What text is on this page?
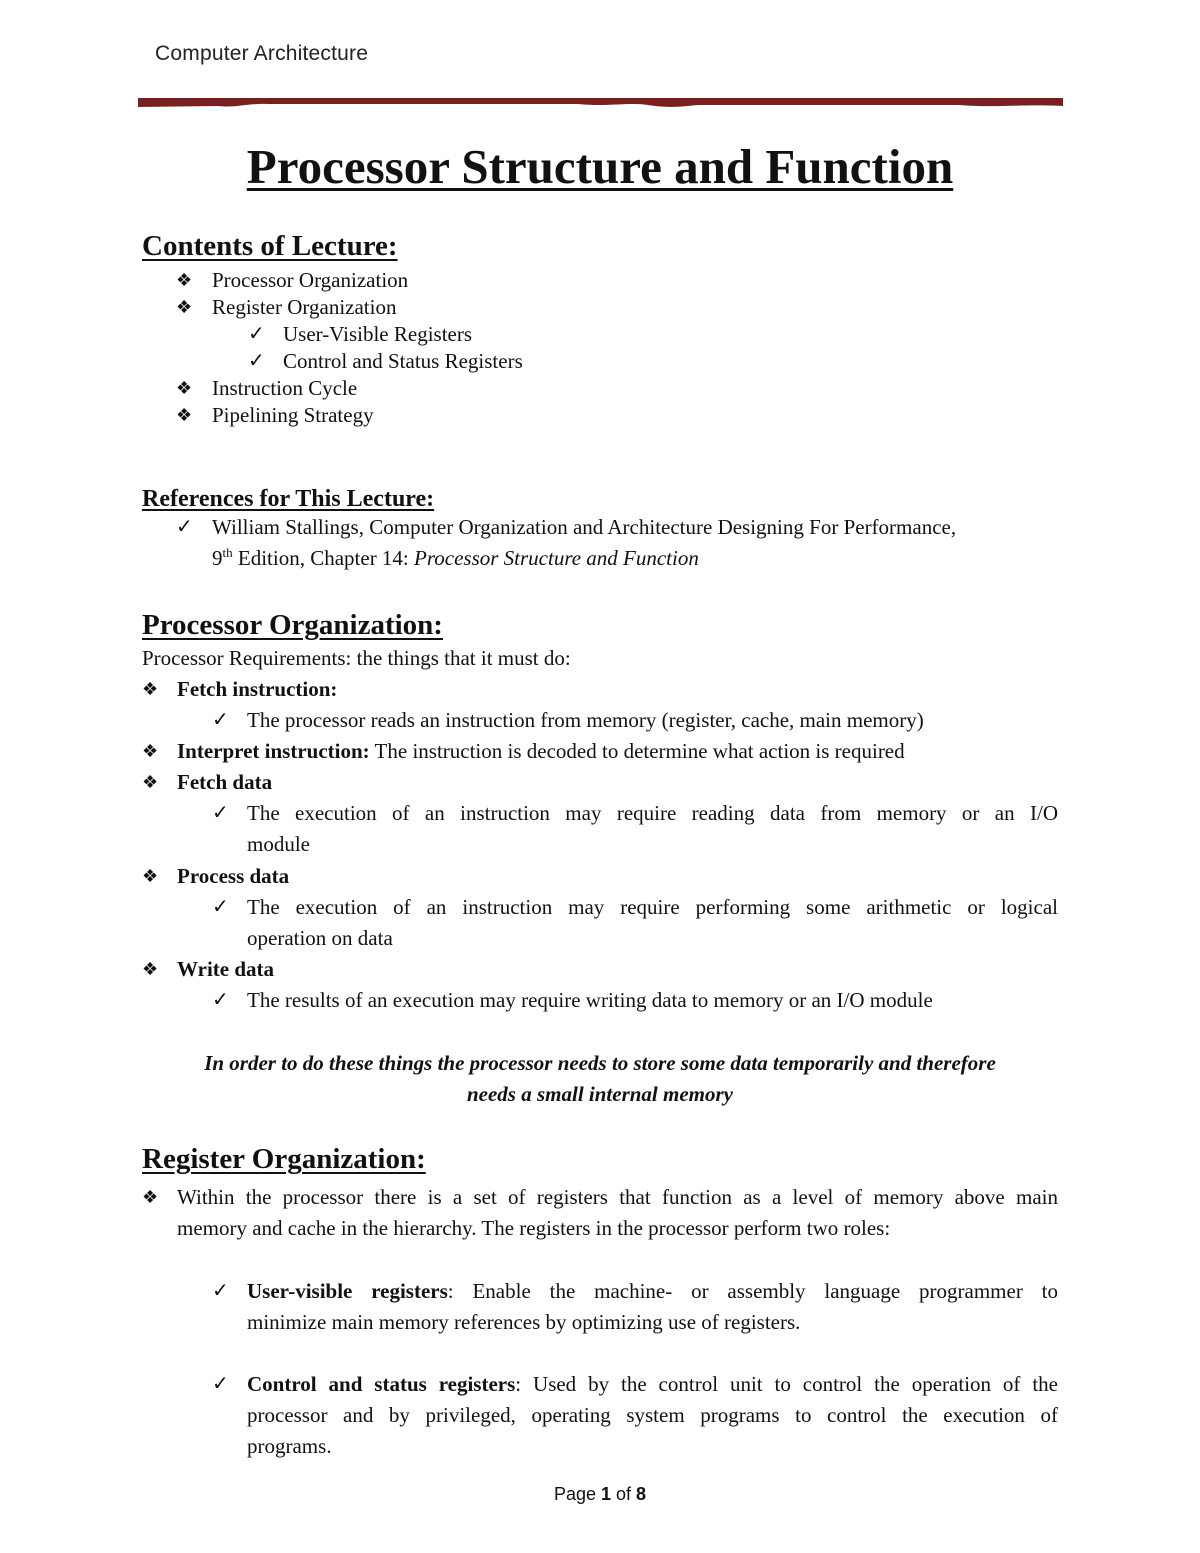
Computer Architecture
Processor Structure and Function
Contents of Lecture:
❖ Processor Organization
❖ Register Organization
✓ User-Visible Registers
✓ Control and Status Registers
❖ Instruction Cycle
❖ Pipelining Strategy
References for This Lecture:
✓ William Stallings, Computer Organization and Architecture Designing For Performance,
9th Edition, Chapter 14: Processor Structure and Function
Processor Organization:
Processor Requirements: the things that it must do:
❖ Fetch instruction:
✓ The processor reads an instruction from memory (register, cache, main memory)
❖ Interpret instruction: The instruction is decoded to determine what action is required
❖ Fetch data
✓ The execution of an instruction may require reading data from memory or an I/O
module
❖ Process data
✓ The execution of an instruction may require performing some arithmetic or logical
operation on data
❖ Write data
✓ The results of an execution may require writing data to memory or an I/O module
In order to do these things the processor needs to store some data temporarily and therefore
needs a small internal memory
Register Organization:
❖ Within the processor there is a set of registers that function as a level of memory above main
memory and cache in the hierarchy. The registers in the processor perform two roles:
✓ User-visible registers: Enable the machine- or assembly language programmer to
minimize main memory references by optimizing use of registers.
✓ Control and status registers: Used by the control unit to control the operation of the
processor and by privileged, operating system programs to control the execution of
programs.
Page 1 of 8
